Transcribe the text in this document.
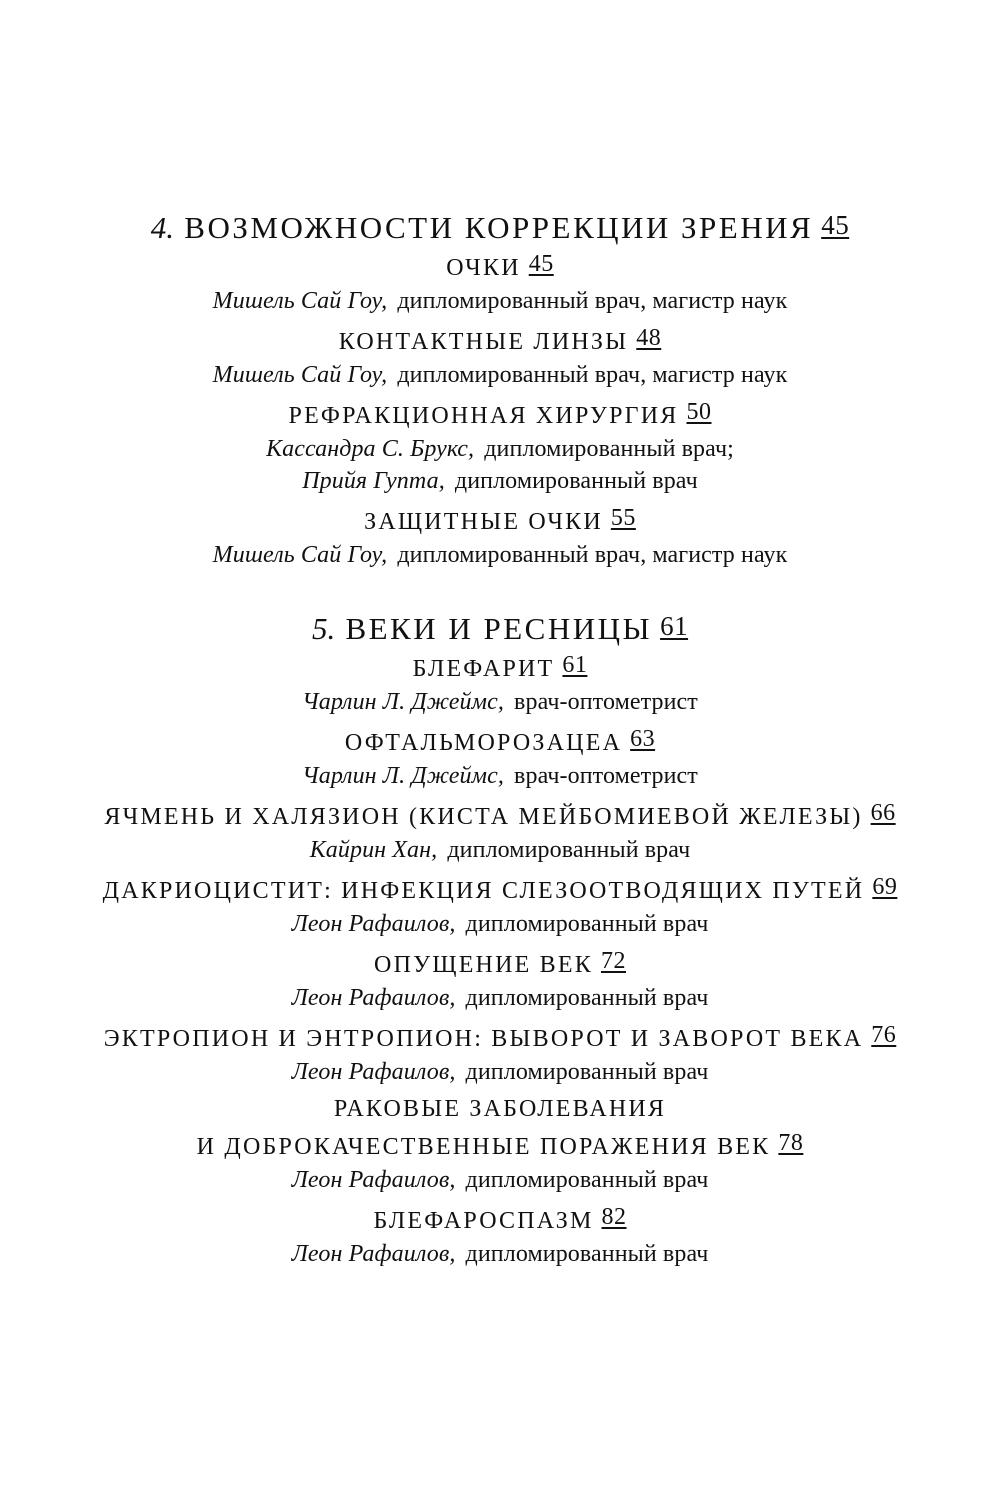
4. ВОЗМОЖНОСТИ КОРРЕКЦИИ ЗРЕНИЯ 45

ОЧКИ 45

Мишель Сай Гоу, дипломированный врач, магистр наук

КОНТАКТНЫЕ ЛИНЗЫ 48

Мишель Сай Гоу, дипломированный врач, магистр наук

РЕФРАКЦИОННАЯ ХИРУРГИЯ 50

Кассандра С. Брукс, дипломированный врач;

Прийя Гупта, дипломированный врач

ЗАЩИТНЫЕ ОЧКИ 55

Мишель Сай Гоу, дипломированный врач, магистр наук

5. ВЕКИ И РЕСНИЦЫ 61

БЛЕФАРИТ 61

Чарлин Л. Джеймс, врач-оптометрист

ОФТАЛЬМОРОЗАЦЕА 63

Чарлин Л. Джеймс, врач-оптометрист

ЯЧМЕНЬ И ХАЛЯЗИОН (КИСТА МЕЙБОМИЕВОЙ ЖЕЛЕЗЫ) 66

Кайрин Хан, дипломированный врач

ДАКРИОЦИСТИТ: ИНФЕКЦИЯ СЛЕЗООТВОДЯЩИХ ПУТЕЙ 69

Леон Рафаилов, дипломированный врач

ОПУЩЕНИЕ ВЕК 72

Леон Рафаилов, дипломированный врач

ЭКТРОПИОН И ЭНТРОПИОН: ВЫВОРОТ И ЗАВОРОТ ВЕКА 76

Леон Рафаилов, дипломированный врач

РАКОВЫЕ ЗАБОЛЕВАНИЯ
И ДОБРОКАЧЕСТВЕННЫЕ ПОРАЖЕНИЯ ВЕК 78

Леон Рафаилов, дипломированный врач

БЛЕФАРОСПАЗМ 82

Леон Рафаилов, дипломированный врач
